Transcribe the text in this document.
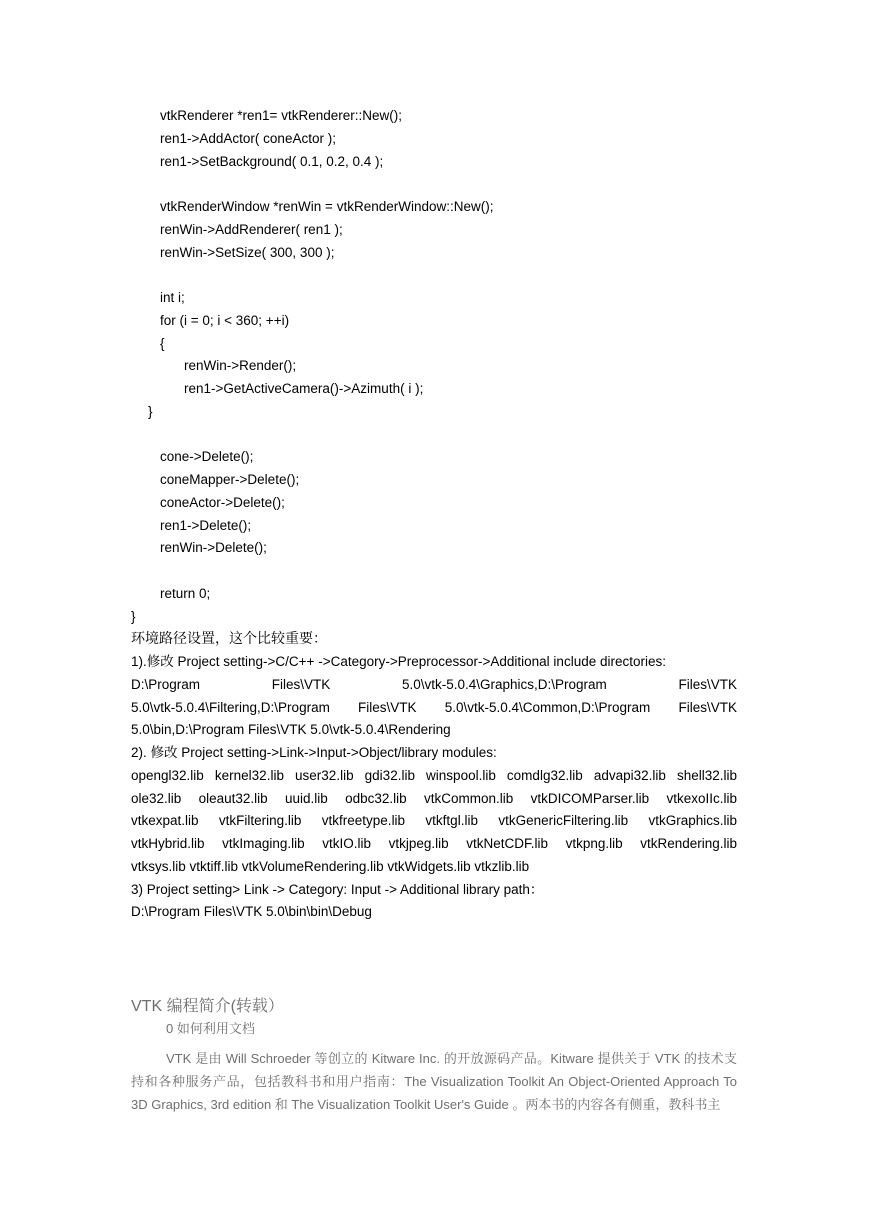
vtkRenderer *ren1= vtkRenderer::New();
ren1->AddActor( coneActor );
ren1->SetBackground( 0.1, 0.2, 0.4 );
vtkRenderWindow *renWin = vtkRenderWindow::New();
renWin->AddRenderer( ren1 );
renWin->SetSize( 300, 300 );
int i;
for (i = 0; i < 360; ++i)
{
renWin->Render();
ren1->GetActiveCamera()->Azimuth( i );
}
cone->Delete();
coneMapper->Delete();
coneActor->Delete();
ren1->Delete();
renWin->Delete();
return 0;
}
环境路径设置，这个比较重要：
1).修改 Project setting->C/C++ ->Category->Preprocessor->Additional include directories:
D:\Program Files\VTK 5.0\vtk-5.0.4\Graphics,D:\Program Files\VTK
5.0\vtk-5.0.4\Filtering,D:\Program Files\VTK 5.0\vtk-5.0.4\Common,D:\Program Files\VTK
5.0\bin,D:\Program Files\VTK 5.0\vtk-5.0.4\Rendering
2). 修改 Project setting->Link->Input->Object/library modules:
opengl32.lib kernel32.lib user32.lib gdi32.lib winspool.lib comdlg32.lib advapi32.lib shell32.lib
ole32.lib oleaut32.lib uuid.lib odbc32.lib vtkCommon.lib vtkDICOMParser.lib vtkexoIIc.lib
vtkexpat.lib vtkFiltering.lib vtkfreetype.lib vtkftgl.lib vtkGenericFiltering.lib vtkGraphics.lib
vtkHybrid.lib vtkImaging.lib vtkIO.lib vtkjpeg.lib vtkNetCDF.lib vtkpng.lib vtkRendering.lib
vtksys.lib vtktiff.lib vtkVolumeRendering.lib vtkWidgets.lib vtkzlib.lib
3) Project setting> Link -> Category: Input -> Additional library path：
D:\Program Files\VTK 5.0\bin\bin\Debug
VTK 编程简介(转载）
0 如何利用文档
VTK 是由 Will Schroeder 等创立的 Kitware Inc. 的开放源码产品。Kitware 提供关于 VTK 的技术支持和各种服务产品，包括教科书和用户指南：The Visualization Toolkit An Object-Oriented Approach To 3D Graphics, 3rd edition 和 The Visualization Toolkit User's Guide 。两本书的内容各有侧重，教科书主
